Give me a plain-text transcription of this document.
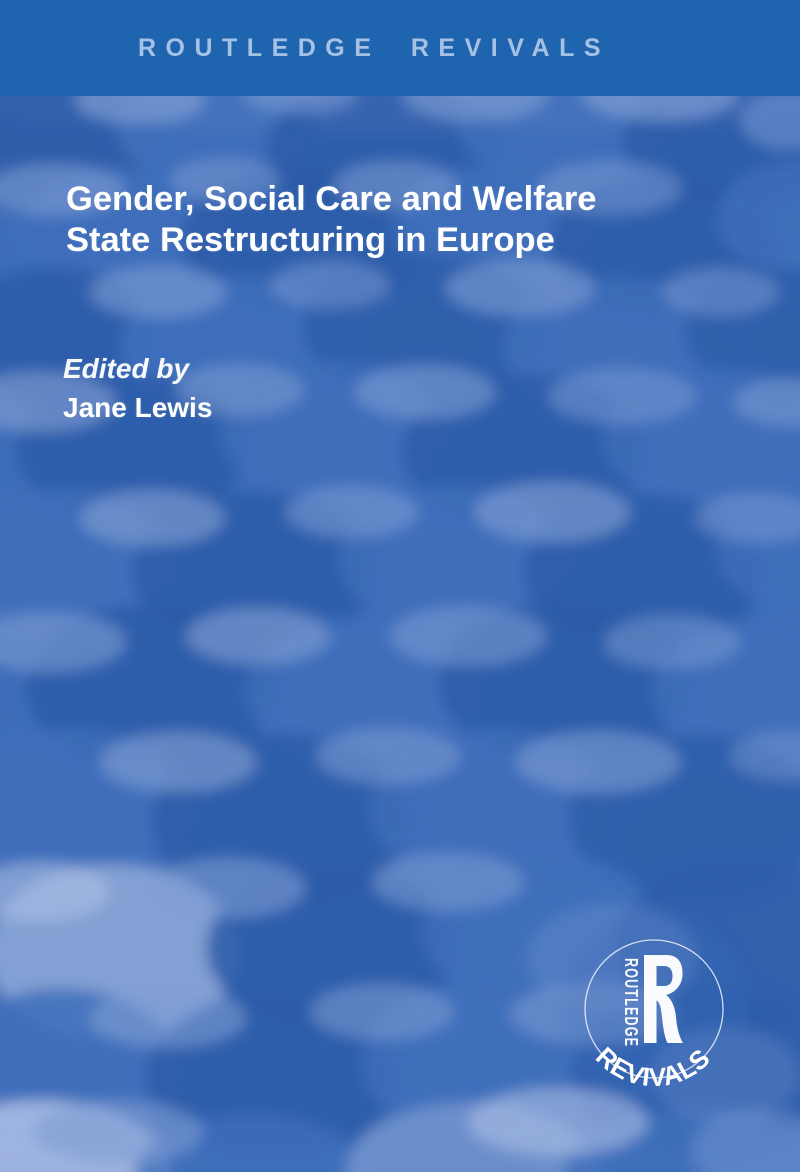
ROUTLEDGE REVIVALS
Gender, Social Care and Welfare
State Restructuring in Europe
Edited by
Jane Lewis
ROUTLEDGE
REVIVALS
